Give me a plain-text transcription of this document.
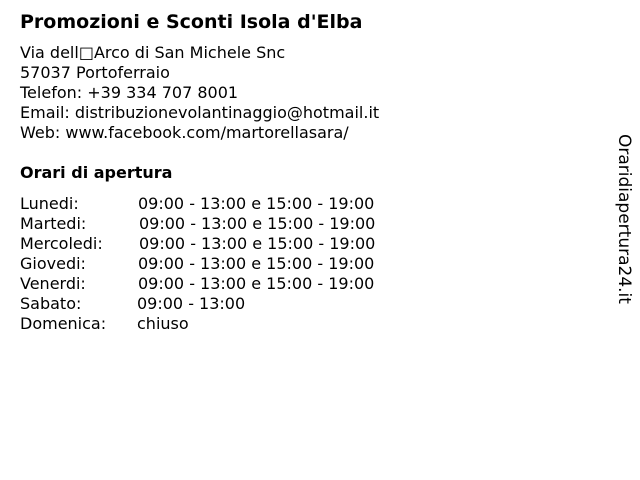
Promozioni e Sconti Isola d'Elba
Via dell□Arco di San Michele Snc
57037 Portoferraio
Telefon: +39 334 707 8001
Email: distribuzionevolantinaggio@hotmail.it
Web: www.facebook.com/martorellasara/
Orari di apertura
Lunedi:	09:00 - 13:00 e 15:00 - 19:00
Martedi:	09:00 - 13:00 e 15:00 - 19:00
Mercoledi: 09:00 - 13:00 e 15:00 - 19:00
Giovedi:	09:00 - 13:00 e 15:00 - 19:00
Venerdi:	09:00 - 13:00 e 15:00 - 19:00
Sabato:	09:00 - 13:00
Domenica: chiuso
Oraridiapertura24.it
